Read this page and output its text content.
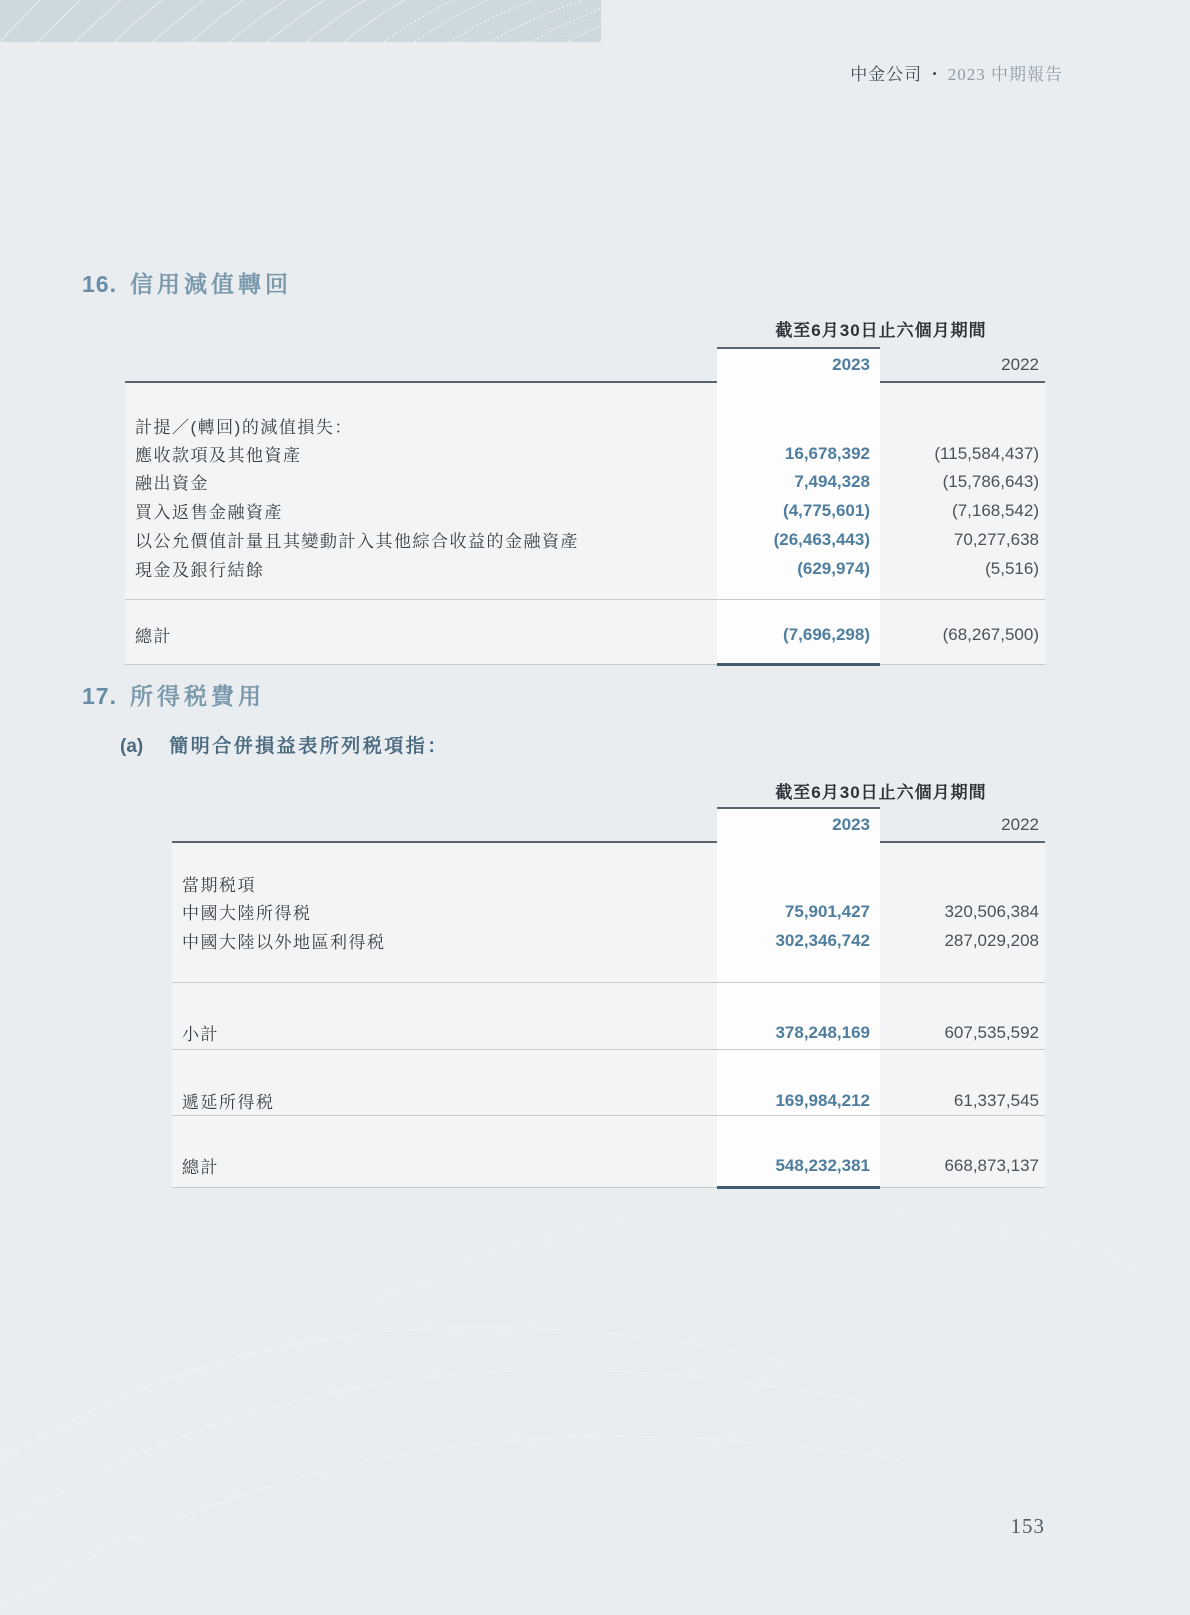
中金公司 • 2023 中期報告
16. 信用減值轉回
截至6月30日止六個月期間
2023	2022
計提／(轉回)的減值損失：
應收款項及其他資產	16,678,392	(115,584,437)
融出資金	7,494,328	(15,786,643)
買入返售金融資產	(4,775,601)	(7,168,542)
以公允價值計量且其變動計入其他綜合收益的金融資產	(26,463,443)	70,277,638
現金及銀行結餘	(629,974)	(5,516)
總計	(7,696,298)	(68,267,500)
17. 所得税費用
(a) 簡明合併損益表所列税項指：
截至6月30日止六個月期間
2023	2022
當期税項
中國大陸所得税	75,901,427	320,506,384
中國大陸以外地區利得税	302,346,742	287,029,208
小計	378,248,169	607,535,592
遞延所得税	169,984,212	61,337,545
總計	548,232,381	668,873,137
153
